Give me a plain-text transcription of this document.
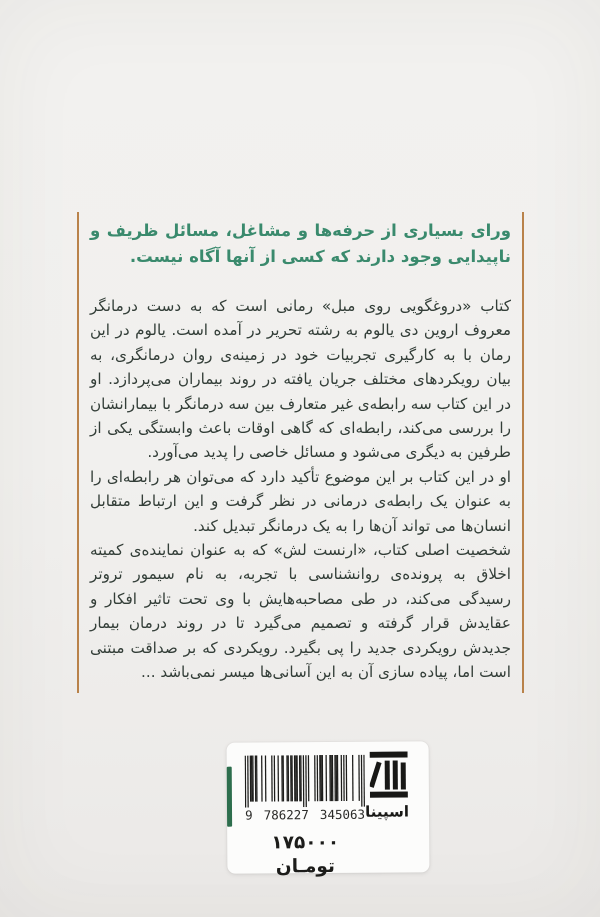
ورای بسیاری از حرفه‌ها و مشاغل، مسائل ظریف و ناپیدایی وجود دارند که کسی از آنها آگاه نیست.

کتاب «دروغگویی روی مبل» رمانی است که به دست درمانگر معروف اروین دی یالوم به رشته تحریر در آمده است. یالوم در این رمان با به کارگیری تجربیات خود در زمینه‌ی روان درمانگری، به بیان رویکردهای مختلف جریان یافته در روند بیماران می‌پردازد. او در این کتاب سه رابطه‌ی غیر متعارف بین سه درمانگر با بیمارانشان را بررسی می‌کند، رابطه‌ای که گاهی اوقات باعث وابستگی یکی از طرفین به دیگری می‌شود و مسائل خاصی را پدید می‌آورد.

او در این کتاب بر این موضوع تأکید دارد که می‌توان هر رابطه‌ای را به عنوان یک رابطه‌ی درمانی در نظر گرفت و این ارتباط متقابل انسان‌ها می تواند آن‌ها را به یک درمانگر تبدیل کند.

شخصیت اصلی کتاب، «ارنست لش» که به عنوان نماینده‌ی کمیته اخلاق به پرونده‌ی روانشناسی با تجربه، به نام سیمور تروتر رسیدگی می‌کند، در طی مصاحبه‌هایش با وی تحت تاثیر افکار و عقایدش قرار گرفته و تصمیم می‌گیرد تا در روند درمان بیمار جدیدش رویکردی جدید را پی بگیرد. رویکردی که بر صداقت مبتنی است اما، پیاده سازی آن به این آسانی‌ها میسر نمی‌باشد ...

9 786227 345063 اسپینا
۱۷۵۰۰۰ تومـان
